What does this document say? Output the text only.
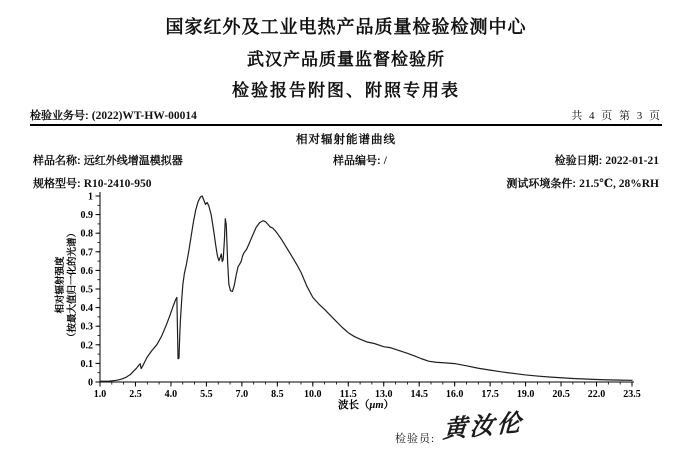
国家红外及工业电热产品质量检验检测中心
武汉产品质量监督检验所
检验报告附图、附照专用表
检验业务号: (2022)WT-HW-00014	共 4 页 第 3 页
相对辐射能谱曲线
样品名称: 远红外线增温模拟器	样品编号: /	检验日期: 2022-01-21
规格型号: R10-2410-950	测试环境条件: 21.5℃, 28%RH
相对辐射强度 （按最大值归一化的光谱）
1.0 2.5 4.0 5.5 7.0 8.5 10.0 11.5 13.0 14.5 16.0 17.5 19.0 20.5 22.0 23.5
0
0.1
0.2
0.3
0.4
0.5
0.6
0.7
0.8
0.9
1
波长（μm）
检验员: 黄汝伦
